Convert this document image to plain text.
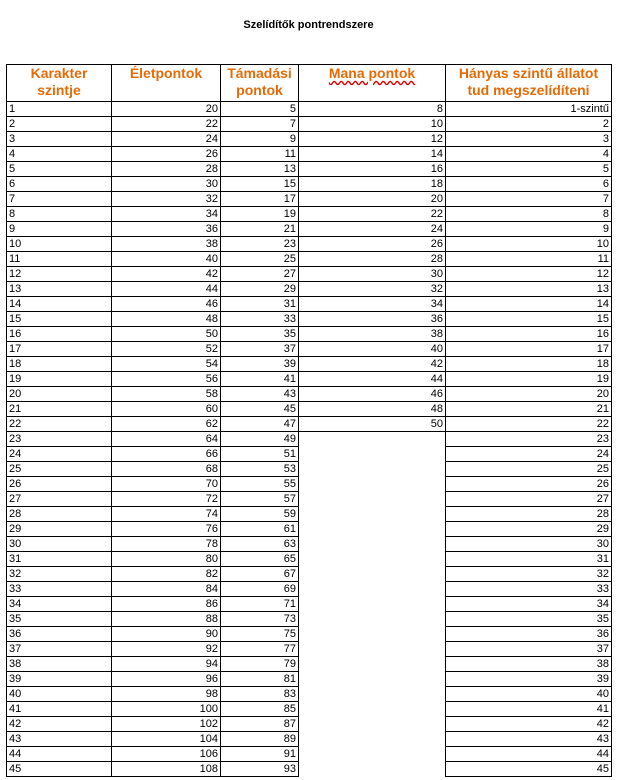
Szelídítők pontrendszere
Karakter szintje	Életpontok	Támadási pontok	Mana pontok	Hányas szintű állatot tud megszelídíteni
1	20	5	8	1-szintű
2	22	7	10	2
3	24	9	12	3
4	26	11	14	4
5	28	13	16	5
6	30	15	18	6
7	32	17	20	7
8	34	19	22	8
9	36	21	24	9
10	38	23	26	10
11	40	25	28	11
12	42	27	30	12
13	44	29	32	13
14	46	31	34	14
15	48	33	36	15
16	50	35	38	16
17	52	37	40	17
18	54	39	42	18
19	56	41	44	19
20	58	43	46	20
21	60	45	48	21
22	62	47	50	22
23	64	49		23
24	66	51		24
25	68	53		25
26	70	55		26
27	72	57		27
28	74	59		28
29	76	61		29
30	78	63		30
31	80	65		31
32	82	67		32
33	84	69		33
34	86	71		34
35	88	73		35
36	90	75		36
37	92	77		37
38	94	79		38
39	96	81		39
40	98	83		40
41	100	85		41
42	102	87		42
43	104	89		43
44	106	91		44
45	108	93		45
